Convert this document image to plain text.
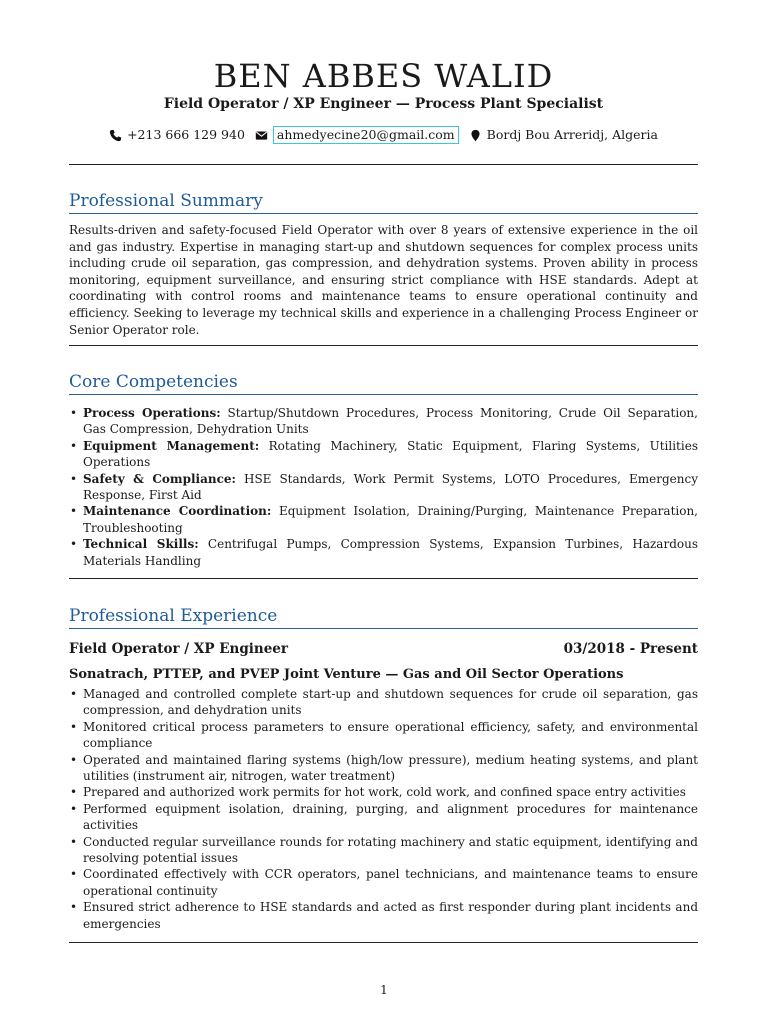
BEN ABBES WALID
Field Operator / XP Engineer — Process Plant Specialist
+213 666 129 940	ahmedyecine20@gmail.com	Bordj Bou Arreridj, Algeria
Professional Summary
Results-driven and safety-focused Field Operator with over 8 years of extensive experience in the oil and gas industry. Expertise in managing start-up and shutdown sequences for complex process units including crude oil separation, gas compression, and dehydration systems. Proven ability in process monitoring, equipment surveillance, and ensuring strict compliance with HSE standards. Adept at coordinating with control rooms and maintenance teams to ensure operational continuity and efficiency. Seeking to leverage my technical skills and experience in a challenging Process Engineer or Senior Operator role.
Core Competencies
• Process Operations: Startup/Shutdown Procedures, Process Monitoring, Crude Oil Separation, Gas Compression, Dehydration Units
• Equipment Management: Rotating Machinery, Static Equipment, Flaring Systems, Utilities Operations
• Safety & Compliance: HSE Standards, Work Permit Systems, LOTO Procedures, Emergency Response, First Aid
• Maintenance Coordination: Equipment Isolation, Draining/Purging, Maintenance Preparation, Troubleshooting
• Technical Skills: Centrifugal Pumps, Compression Systems, Expansion Turbines, Hazardous Materials Handling
Professional Experience
Field Operator / XP Engineer	03/2018 - Present
Sonatrach, PTTEP, and PVEP Joint Venture — Gas and Oil Sector Operations
• Managed and controlled complete start-up and shutdown sequences for crude oil separation, gas compression, and dehydration units
• Monitored critical process parameters to ensure operational efficiency, safety, and environmental compliance
• Operated and maintained flaring systems (high/low pressure), medium heating systems, and plant utilities (instrument air, nitrogen, water treatment)
• Prepared and authorized work permits for hot work, cold work, and confined space entry activities
• Performed equipment isolation, draining, purging, and alignment procedures for maintenance activities
• Conducted regular surveillance rounds for rotating machinery and static equipment, identifying and resolving potential issues
• Coordinated effectively with CCR operators, panel technicians, and maintenance teams to ensure operational continuity
• Ensured strict adherence to HSE standards and acted as first responder during plant incidents and emergencies
1
